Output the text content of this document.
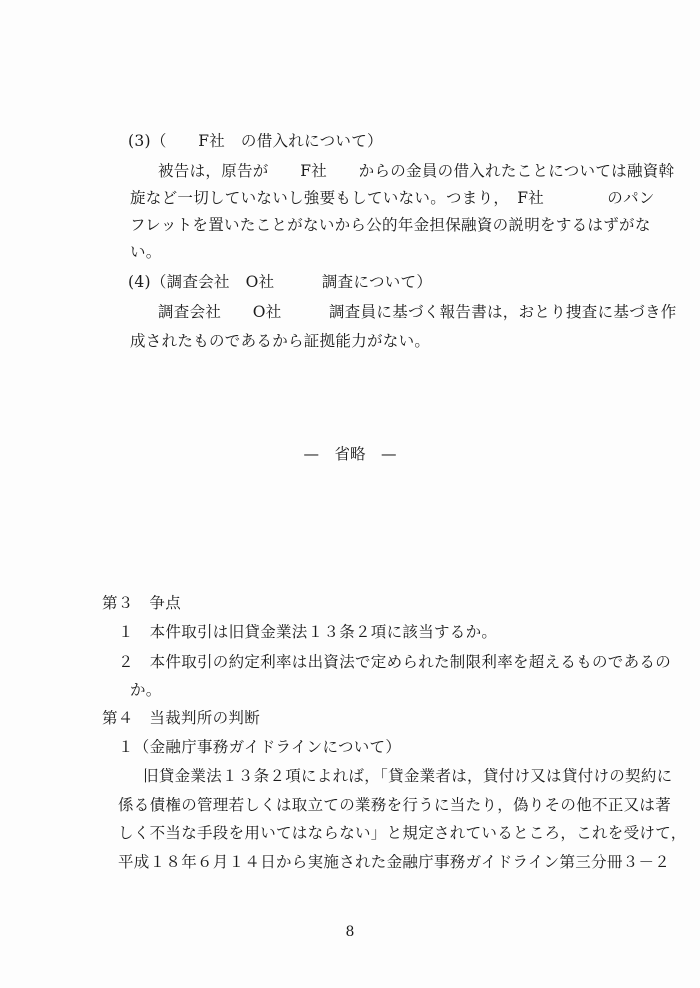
(3)（　　F社　の借入れについて）
被告は，原告が　　F社　　からの金員の借入れたことについては融資斡
旋など一切していないし強要もしていない。つまり，　F社　　　　のパン
フレットを置いたことがないから公的年金担保融資の説明をするはずがな
い。
(4)（調査会社　O社　　　調査について）
調査会社　　O社　　　調査員に基づく報告書は，おとり捜査に基づき作
成されたものであるから証拠能力がない。
—　省略　—
第３　争点
１　本件取引は旧貸金業法１３条２項に該当するか。
２　本件取引の約定利率は出資法で定められた制限利率を超えるものであるの
か。
第４　当裁判所の判断
１（金融庁事務ガイドラインについて）
旧貸金業法１３条２項によれば，「貸金業者は，貸付け又は貸付けの契約に
係る債権の管理若しくは取立ての業務を行うに当たり，偽りその他不正又は著
しく不当な手段を用いてはならない」と規定されているところ，これを受けて，
平成１８年６月１４日から実施された金融庁事務ガイドライン第三分冊３－２
8
